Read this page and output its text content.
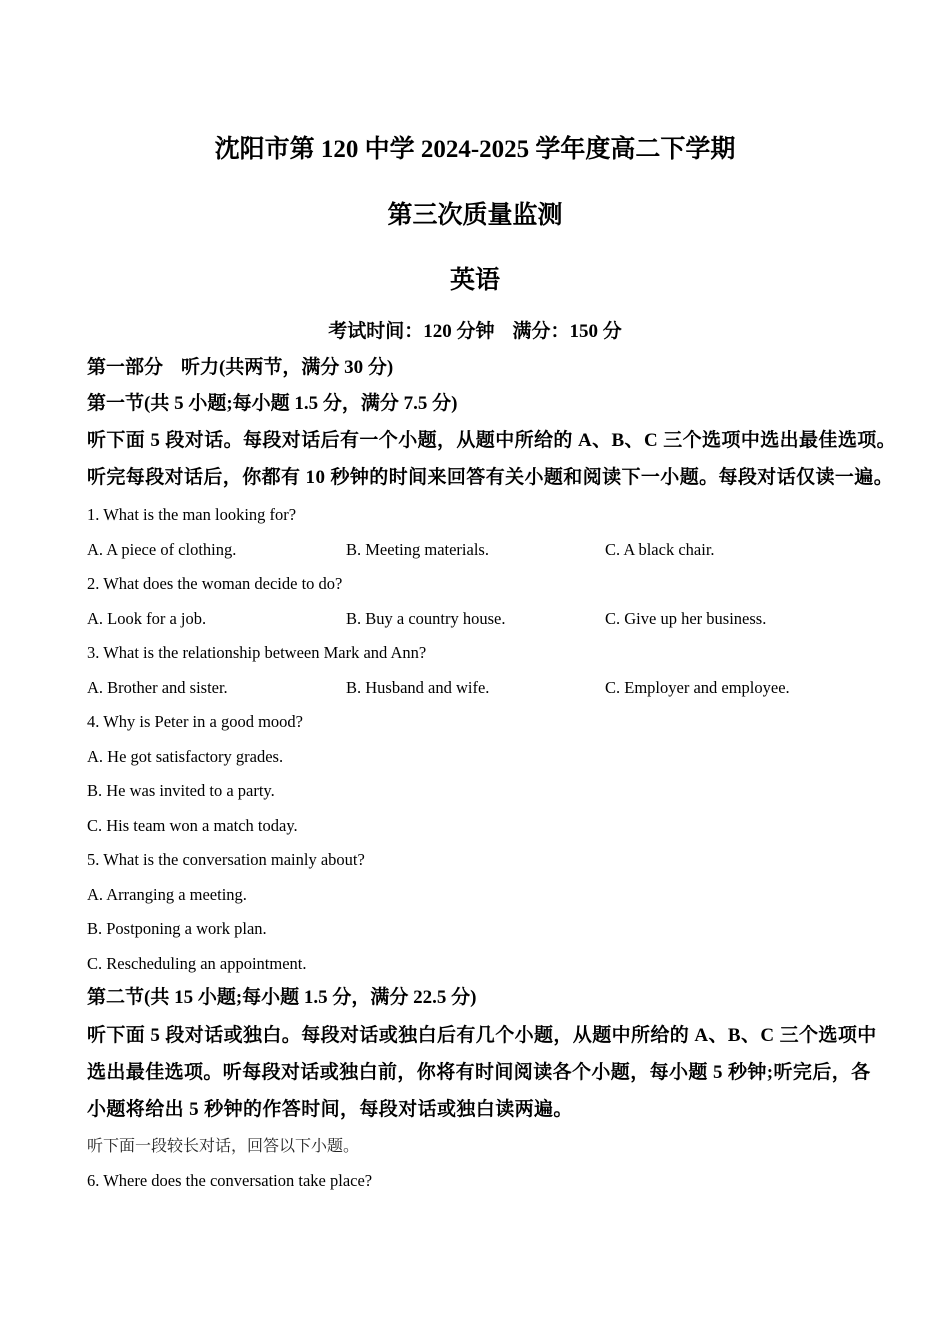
沈阳市第 120 中学 2024-2025 学年度高二下学期
第三次质量监测
英语
考试时间：120 分钟 满分：150 分
第一部分 听力(共两节，满分 30 分)
第一节(共 5 小题;每小题 1.5 分，满分 7.5 分)
听下面 5 段对话。每段对话后有一个小题，从题中所给的 A、B、C 三个选项中选出最佳选项。
听完每段对话后，你都有 10 秒钟的时间来回答有关小题和阅读下一小题。每段对话仅读一遍。
1. What is the man looking for?
A. A piece of clothing.	B. Meeting materials.	C. A black chair.
2. What does the woman decide to do?
A. Look for a job.	B. Buy a country house.	C. Give up her business.
3. What is the relationship between Mark and Ann?
A. Brother and sister.	B. Husband and wife.	C. Employer and employee.
4. Why is Peter in a good mood?
A. He got satisfactory grades.
B. He was invited to a party.
C. His team won a match today.
5. What is the conversation mainly about?
A. Arranging a meeting.
B. Postponing a work plan.
C. Rescheduling an appointment.
第二节(共 15 小题;每小题 1.5 分，满分 22.5 分)
听下面 5 段对话或独白。每段对话或独白后有几个小题，从题中所给的 A、B、C 三个选项中
选出最佳选项。听每段对话或独白前，你将有时间阅读各个小题，每小题 5 秒钟;听完后，各
小题将给出 5 秒钟的作答时间，每段对话或独白读两遍。
听下面一段较长对话，回答以下小题。
6. Where does the conversation take place?
